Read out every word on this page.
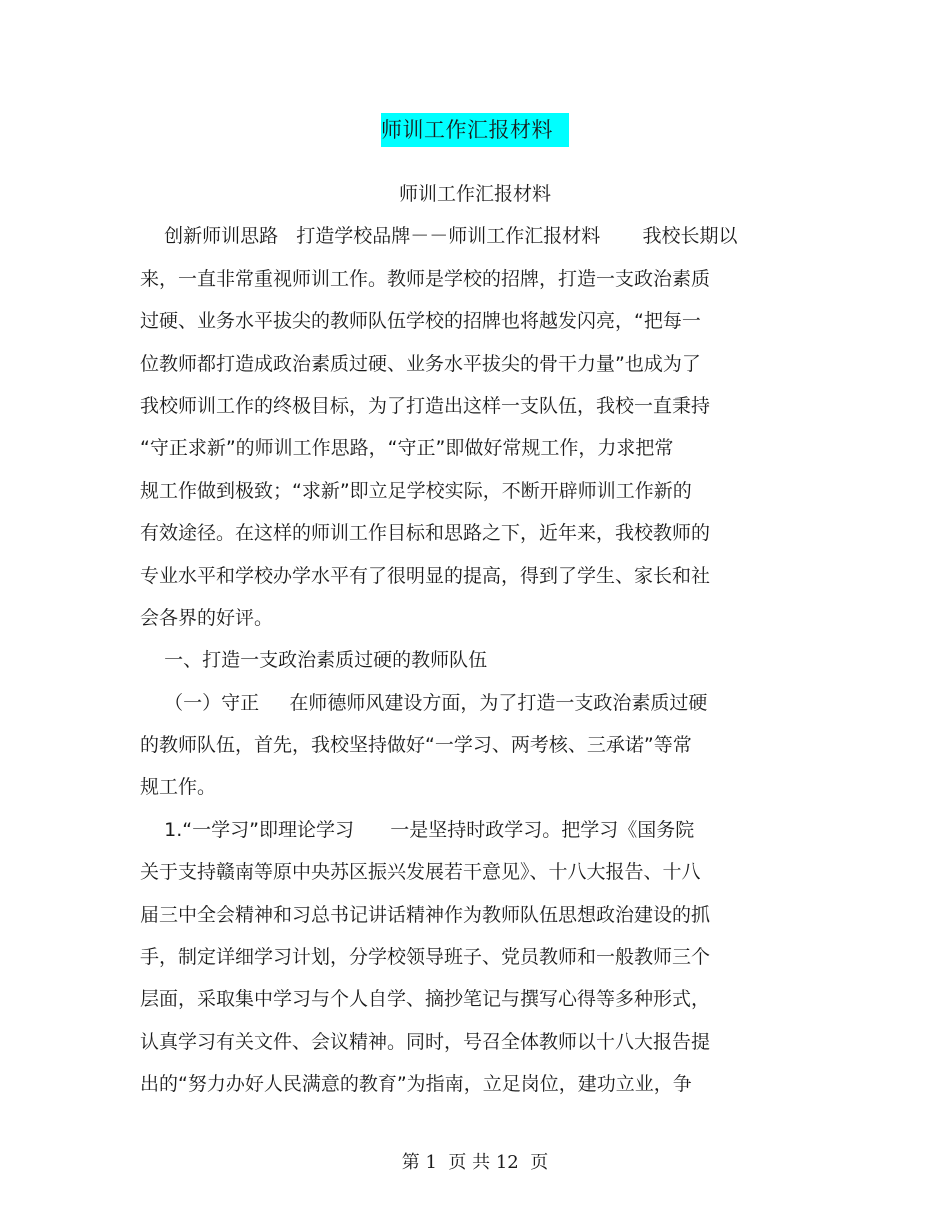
师训工作汇报材料
师训工作汇报材料
创新师训思路   打造学校品牌－－师训工作汇报材料       我校长期以
来，一直非常重视师训工作。教师是学校的招牌，打造一支政治素质
过硬、业务水平拔尖的教师队伍学校的招牌也将越发闪亮，“把每一
位教师都打造成政治素质过硬、业务水平拔尖的骨干力量”也成为了
我校师训工作的终极目标，为了打造出这样一支队伍，我校一直秉持
“守正求新”的师训工作思路，“守正”即做好常规工作，力求把常
规工作做到极致；“求新”即立足学校实际，不断开辟师训工作新的
有效途径。在这样的师训工作目标和思路之下，近年来，我校教师的
专业水平和学校办学水平有了很明显的提高，得到了学生、家长和社
会各界的好评。
一、打造一支政治素质过硬的教师队伍
（一）守正     在师德师风建设方面，为了打造一支政治素质过硬
的教师队伍，首先，我校坚持做好“一学习、两考核、三承诺”等常
规工作。
1.“一学习”即理论学习      一是坚持时政学习。把学习《国务院
关于支持赣南等原中央苏区振兴发展若干意见》、十八大报告、十八
届三中全会精神和习总书记讲话精神作为教师队伍思想政治建设的抓
手，制定详细学习计划，分学校领导班子、党员教师和一般教师三个
层面，采取集中学习与个人自学、摘抄笔记与撰写心得等多种形式，
认真学习有关文件、会议精神。同时，号召全体教师以十八大报告提
出的“努力办好人民满意的教育”为指南，立足岗位，建功立业，争
第 1  页 共 12  页
